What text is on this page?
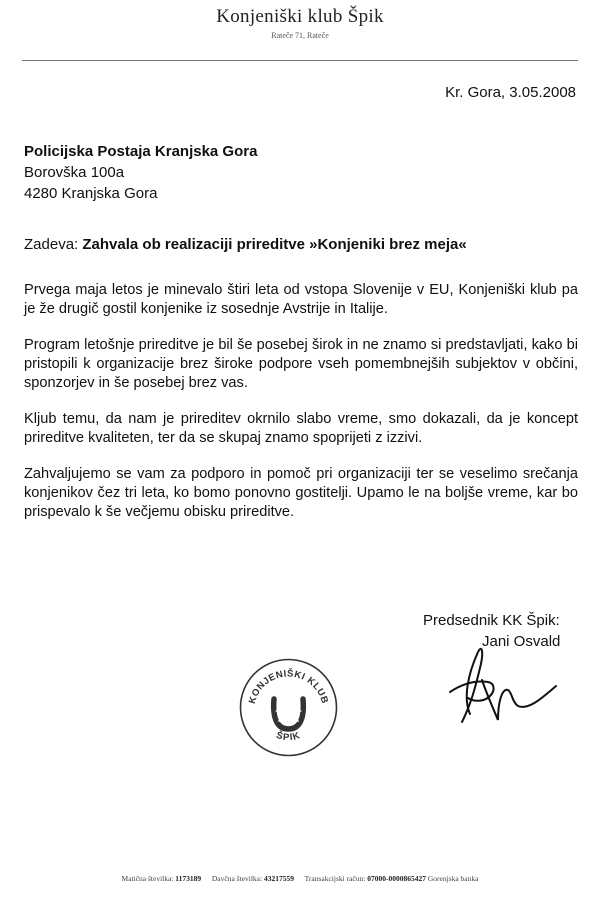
Konjeniški klub Špik
Rateče 71, Rateče
Kr. Gora, 3.05.2008
Policijska Postaja Kranjska Gora
Borovška 100a
4280 Kranjska Gora
Zadeva: Zahvala ob realizaciji prireditve »Konjeniki brez meja«

Prvega maja letos je minevalo štiri leta od vstopa Slovenije v EU, Konjeniški klub pa je že drugič gostil konjenike iz sosednje Avstrije in Italije.

Program letošnje prireditve je bil še posebej širok in ne znamo si predstavljati, kako bi pristopili k organizacije brez široke podpore vseh pomembnejših subjektov v občini, sponzorjev in še posebej brez vas.

Kljub temu, da nam je prireditev okrnilo slabo vreme, smo dokazali, da je koncept prireditve kvaliteten, ter da se skupaj znamo spoprijeti z izzivi.

Zahvaljujemo se vam za podporo in pomoč pri organizaciji ter se veselimo srečanja konjenikov čez tri leta, ko bomo ponovno gostitelji. Upamo le na boljše vreme, kar bo prispevalo k še večjemu obisku prireditve.

Predsednik KK Špik:
Jani Osvald
KONJENIŠKI KLUB
ŠPIK
Matična številka: 1173189 Davčna številka: 43217559 Transakcijski račun: 07000-0000865427 Gorenjska banka
